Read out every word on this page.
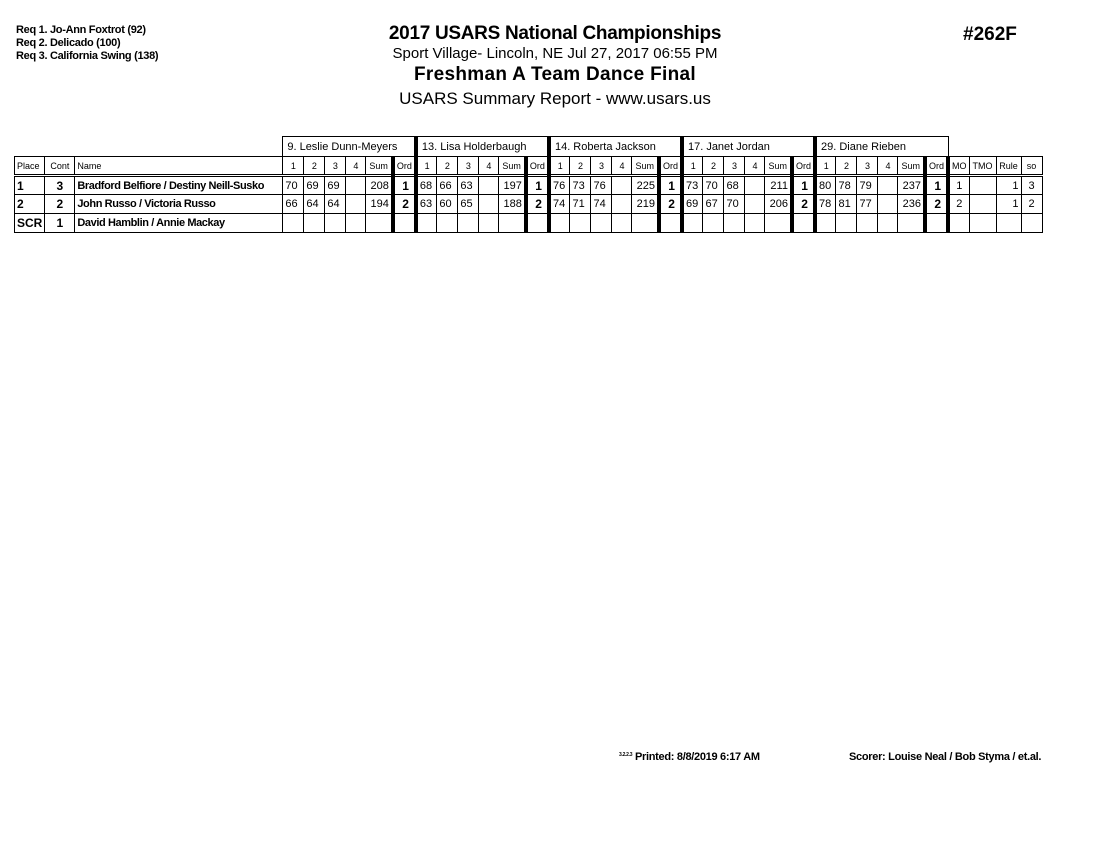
Req 1. Jo-Ann Foxtrot (92)
Req 2. Delicado (100)
Req 3. California Swing (138)
2017 USARS National Championships
Sport Village- Lincoln, NE Jul 27, 2017 06:55 PM
Freshman A Team Dance Final
USARS Summary Report - www.usars.us
#262F
			9. Leslie Dunn-Meyers						13. Lisa Holderbaugh						14. Roberta Jackson						17. Janet Jordan						29. Diane Rieben									
Place	Cont	Name	1	2	3	4	Sum	Ord	1	2	3	4	Sum	Ord	1	2	3	4	Sum	Ord	1	2	3	4	Sum	Ord	1	2	3	4	Sum	Ord	MO	TMO	Rule	so
1	3	Bradford Belfiore / Destiny Neill-Susko	70	69	69		208	1	68	66	63		197	1	76	73	76		225	1	73	70	68		211	1	80	78	79		237	1	1		1	3
2	2	John Russo / Victoria Russo	66	64	64		194	2	63	60	65		188	2	74	71	74		219	2	69	67	70		206	2	78	81	77		236	2	2		1	2
SCR	1	David Hamblin / Annie Mackay																																		
$^{3.2.2.3}$ Printed: 8/8/2019 6:17 AM	Scorer: Louise Neal / Bob Styma / et.al.
